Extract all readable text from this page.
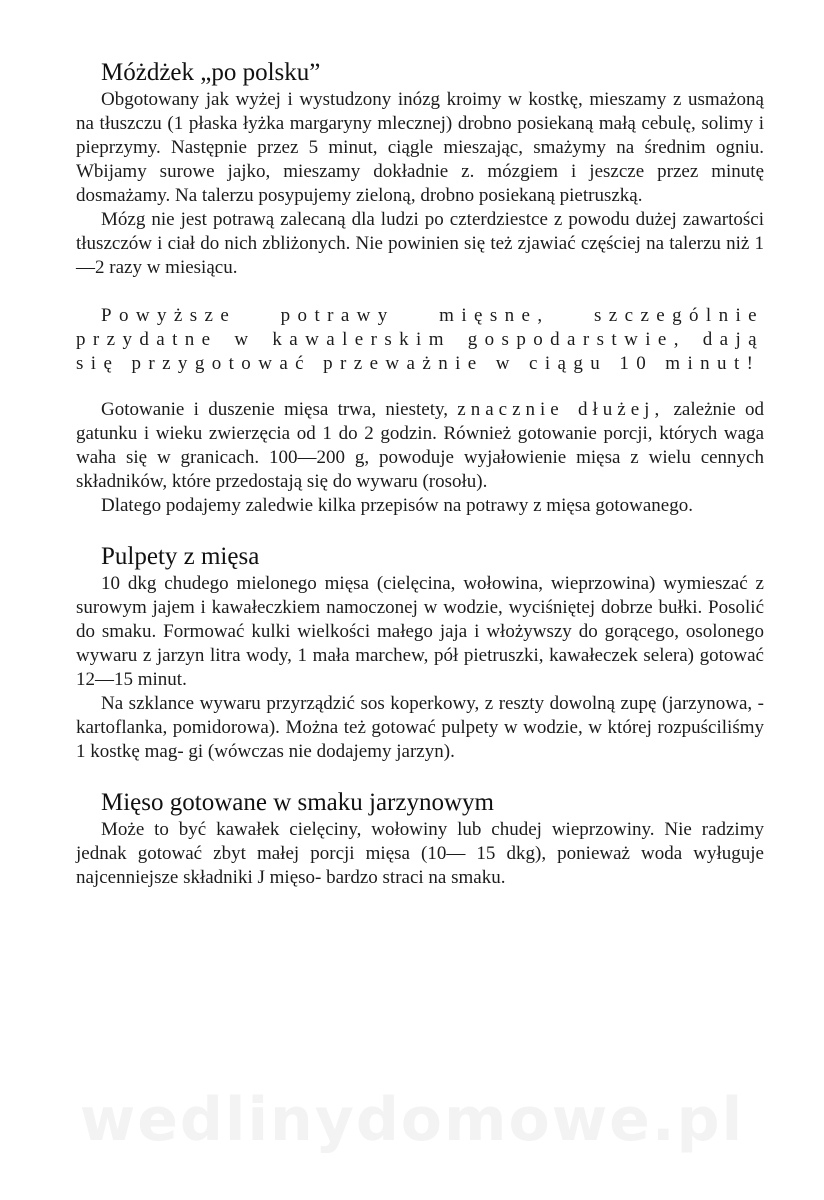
Móżdżek „po polsku”

Obgotowany jak wyżej i wystudzony inózg kroimy w kostkę, mieszamy z usmażoną na tłuszczu (1 płaska łyżka margaryny mlecznej) drobno posiekaną małą cebulę, solimy i pieprzymy. Następnie przez 5 minut, ciągle mieszając, smażymy na średnim ogniu. Wbijamy surowe jajko, mieszamy dokładnie z. mózgiem i jeszcze przez minutę dosmażamy. Na talerzu posypujemy zieloną, drobno posiekaną pietruszką.

Mózg nie jest potrawą zalecaną dla ludzi po czterdziestce z powodu dużej zawartości tłuszczów i ciał do nich zbliżonych. Nie powinien się też zjawiać częściej na talerzu niż 1—2 razy w miesiącu.

Powyższe potrawy mięsne, szczególnie przydatne w kawalerskim gospodarstwie, dają się przygotować przeważnie w ciągu 10 minut!

Gotowanie i duszenie mięsa trwa, niestety, znacznie dłużej, zależnie od gatunku i wieku zwierzęcia od 1 do 2 godzin. Również gotowanie porcji, których waga waha się w granicach. 100—200 g, powoduje wyjałowienie mięsa z wielu cennych składników, które przedostają się do wywaru (rosołu).

Dlatego podajemy zaledwie kilka przepisów na potrawy z mięsa gotowanego.

Pulpety z mięsa

10 dkg chudego mielonego mięsa (cielęcina, wołowina, wieprzowina) wymieszać z surowym jajem i kawałeczkiem namoczonej w wodzie, wyciśniętej dobrze bułki. Posolić do smaku. Formować kulki wielkości małego jaja i włożywszy do gorącego, osolonego wywaru z jarzyn litra wody, 1 mała marchew, pół pietruszki, kawałeczek selera) gotować 12—15 minut.

Na szklance wywaru przyrządzić sos koperkowy, z reszty dowolną zupę (jarzynowa, -kartoflanka, pomidorowa). Można też gotować pulpety w wodzie, w której rozpuściliśmy 1 kostkę mag- gi (wówczas nie dodajemy jarzyn).

Mięso gotowane w smaku jarzynowym

Może to być kawałek cielęciny, wołowiny lub chudej wieprzowiny. Nie radzimy jednak gotować zbyt małej porcji mięsa (10— 15 dkg), ponieważ woda wyługuje najcenniejsze składniki J mięso- bardzo straci na smaku.

wedlinydomowe.pl
